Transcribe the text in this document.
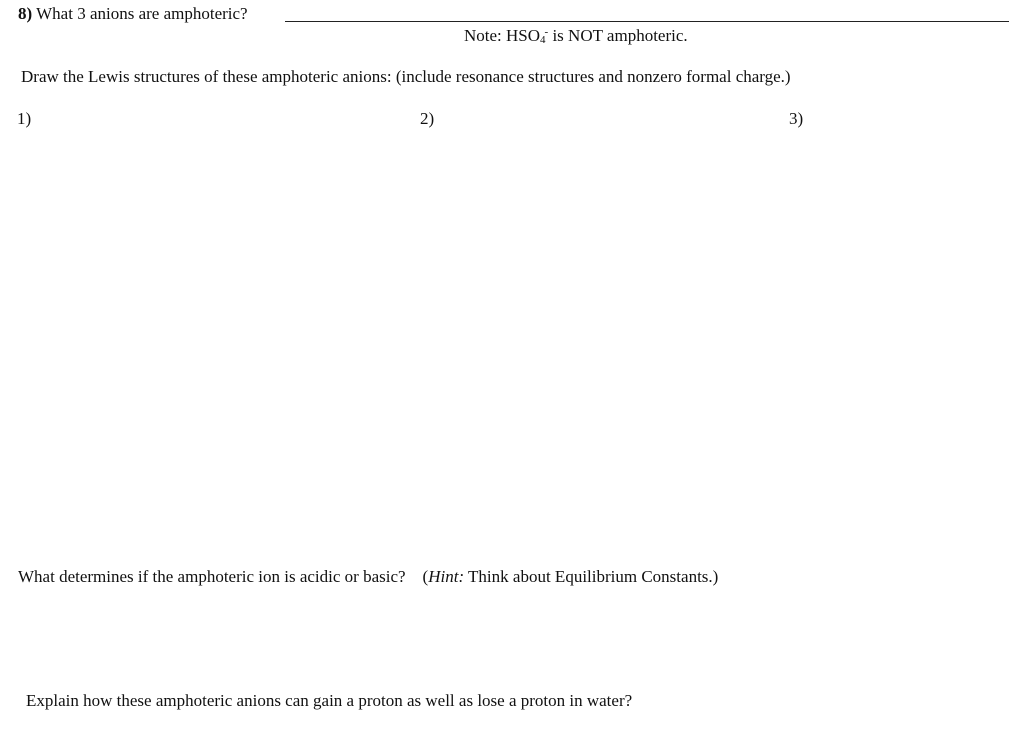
8) What 3 anions are amphoteric?
Note: $HSO_4^-$ is NOT amphoteric.
Draw the Lewis structures of these amphoteric anions: (include resonance structures and nonzero formal charge.)
1)	2)	3)
What determines if the amphoteric ion is acidic or basic? (Hint: Think about Equilibrium Constants.)
Explain how these amphoteric anions can gain a proton as well as lose a proton in water?
